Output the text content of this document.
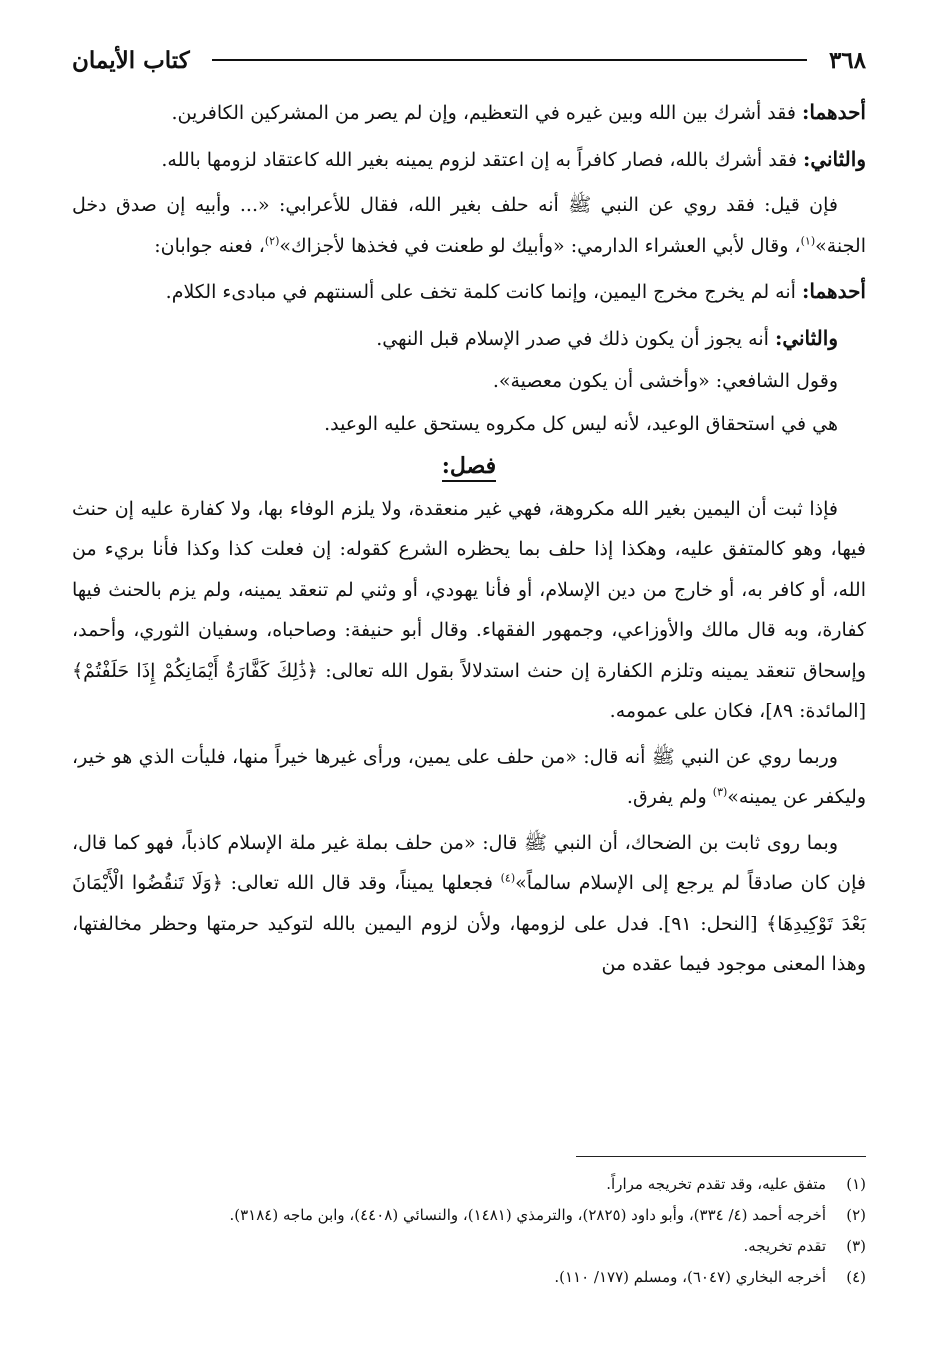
٣٦٨
كتاب الأيمان

أحدهما: فقد أشرك بين الله وبين غيره في التعظيم، وإن لم يصر من المشركين الكافرين.

والثاني: فقد أشرك بالله، فصار كافراً به إن اعتقد لزوم يمينه بغير الله كاعتقاد لزومها بالله.

فإن قيل: فقد روي عن النبي ﷺ أنه حلف بغير الله، فقال للأعرابي: «... وأبيه إن صدق دخل الجنة»$^{(١)}$، وقال لأبي العشراء الدارمي: «وأبيك لو طعنت في فخذها لأجزاك»$^{(٢)}$، فعنه جوابان:

أحدهما: أنه لم يخرج مخرج اليمين، وإنما كانت كلمة تخف على ألسنتهم في مبادىء الكلام.

والثاني: أنه يجوز أن يكون ذلك في صدر الإسلام قبل النهي.

وقول الشافعي: «وأخشى أن يكون معصية».

هي في استحقاق الوعيد، لأنه ليس كل مكروه يستحق عليه الوعيد.

فصل:

فإذا ثبت أن اليمين بغير الله مكروهة، فهي غير منعقدة، ولا يلزم الوفاء بها، ولا كفارة عليه إن حنث فيها، وهو كالمتفق عليه، وهكذا إذا حلف بما يحظره الشرع كقوله: إن فعلت كذا وكذا فأنا بريء من الله، أو كافر به، أو خارج من دين الإسلام، أو فأنا يهودي، أو وثني لم تنعقد يمينه، ولم يزم بالحنث فيها كفارة، وبه قال مالك والأوزاعي، وجمهور الفقهاء. وقال أبو حنيفة: وصاحباه، وسفيان الثوري، وأحمد، وإسحاق تنعقد يمينه وتلزم الكفارة إن حنث استدلالاً بقول الله تعالى: ﴿ذَٰلِكَ كَفَّارَةُ أَيْمَانِكُمْ إِذَا حَلَفْتُمْ﴾ [المائدة: ٨٩]، فكان على عمومه.

وربما روي عن النبي ﷺ أنه قال: «من حلف على يمين، ورأى غيرها خيراً منها، فليأت الذي هو خير، وليكفر عن يمينه»$^{(٣)}$ ولم يفرق.

وبما روى ثابت بن الضحاك، أن النبي ﷺ قال: «من حلف بملة غير ملة الإسلام كاذباً، فهو كما قال، فإن كان صادقاً لم يرجع إلى الإسلام سالماً»$^{(٤)}$ فجعلها يميناً، وقد قال الله تعالى: ﴿وَلَا تَنقُضُوا الْأَيْمَانَ بَعْدَ تَوْكِيدِهَا﴾ [النحل: ٩١]. فدل على لزومها، ولأن لزوم اليمين بالله لتوكيد حرمتها وحظر مخالفتها، وهذا المعنى موجود فيما عقده من

(١)
متفق عليه، وقد تقدم تخريجه مراراً.
(٢)
أخرجه أحمد (٤/ ٣٣٤)، وأبو داود (٢٨٢٥)، والترمذي (١٤٨١)، والنسائي (٤٤٠٨)، وابن ماجه (٣١٨٤).
(٣)
تقدم تخريجه.
(٤)
أخرجه البخاري (٦٠٤٧)، ومسلم (١٧٧/ ١١٠).
